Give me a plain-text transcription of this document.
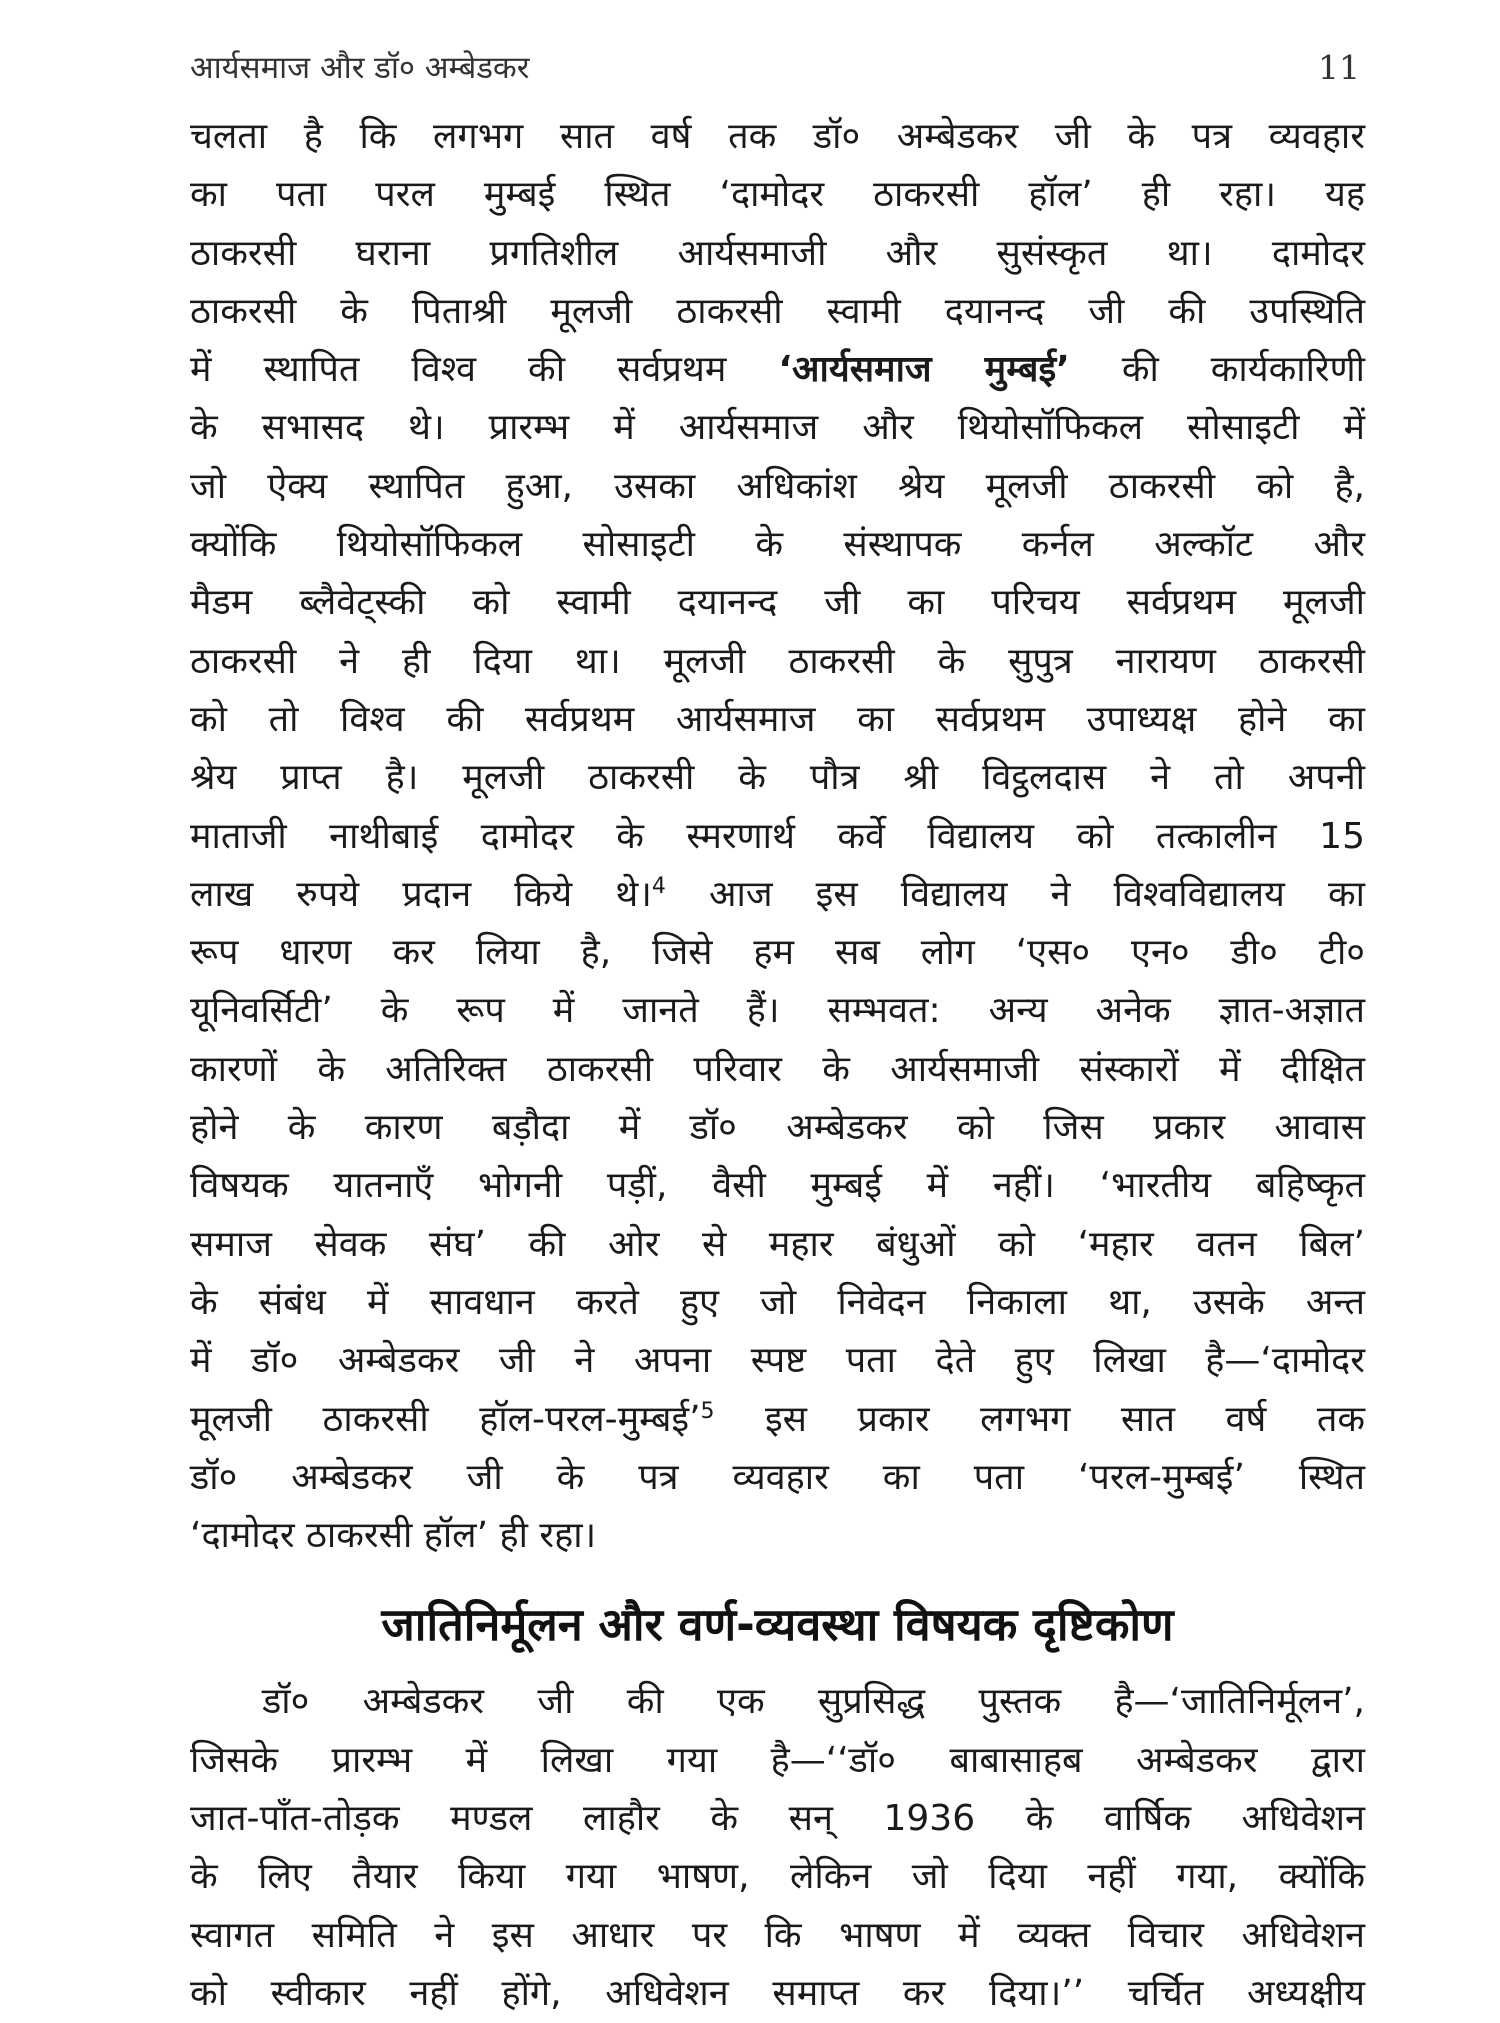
आर्यसमाज और डॉ० अम्बेडकर	11
चलता है कि लगभग सात वर्ष तक डॉ० अम्बेडकर जी के पत्र व्यवहार
का पता परल मुम्बई स्थित ‘दामोदर ठाकरसी हॉल’ ही रहा। यह
ठाकरसी घराना प्रगतिशील आर्यसमाजी और सुसंस्कृत था। दामोदर
ठाकरसी के पिताश्री मूलजी ठाकरसी स्वामी दयानन्द जी की उपस्थिति
में स्थापित विश्व की सर्वप्रथम ‘आर्यसमाज मुम्बई’ की कार्यकारिणी
के सभासद थे। प्रारम्भ में आर्यसमाज और थियोसॉफिकल सोसाइटी में
जो ऐक्य स्थापित हुआ, उसका अधिकांश श्रेय मूलजी ठाकरसी को है,
क्योंकि थियोसॉफिकल सोसाइटी के संस्थापक कर्नल अल्कॉट और
मैडम ब्लैवेट्स्की को स्वामी दयानन्द जी का परिचय सर्वप्रथम मूलजी
ठाकरसी ने ही दिया था। मूलजी ठाकरसी के सुपुत्र नारायण ठाकरसी
को तो विश्व की सर्वप्रथम आर्यसमाज का सर्वप्रथम उपाध्यक्ष होने का
श्रेय प्राप्त है। मूलजी ठाकरसी के पौत्र श्री विट्ठलदास ने तो अपनी
माताजी नाथीबाई दामोदर के स्मरणार्थ कर्वे विद्यालय को तत्कालीन 15
लाख रुपये प्रदान किये थे।$^4$ आज इस विद्यालय ने विश्वविद्यालय का
रूप धारण कर लिया है, जिसे हम सब लोग ‘एस० एन० डी० टी०
यूनिवर्सिटी’ के रूप में जानते हैं। सम्भवत: अन्य अनेक ज्ञात-अज्ञात
कारणों के अतिरिक्त ठाकरसी परिवार के आर्यसमाजी संस्कारों में दीक्षित
होने के कारण बड़ौदा में डॉ० अम्बेडकर को जिस प्रकार आवास
विषयक यातनाएँ भोगनी पड़ीं, वैसी मुम्बई में नहीं। ‘भारतीय बहिष्कृत
समाज सेवक संघ’ की ओर से महार बंधुओं को ‘महार वतन बिल’
के संबंध में सावधान करते हुए जो निवेदन निकाला था, उसके अन्त
में डॉ० अम्बेडकर जी ने अपना स्पष्ट पता देते हुए लिखा है—‘दामोदर
मूलजी ठाकरसी हॉल-परल-मुम्बई’$^5$ इस प्रकार लगभग सात वर्ष तक
डॉ० अम्बेडकर जी के पत्र व्यवहार का पता ‘परल-मुम्बई’ स्थित
‘दामोदर ठाकरसी हॉल’ ही रहा।
जातिनिर्मूलन और वर्ण-व्यवस्था विषयक दृष्टिकोण
डॉ० अम्बेडकर जी की एक सुप्रसिद्ध पुस्तक है—‘जातिनिर्मूलन’,
जिसके प्रारम्भ में लिखा गया है—‘‘डॉ० बाबासाहब अम्बेडकर द्वारा
जात-पाँत-तोड़क मण्डल लाहौर के सन् 1936 के वार्षिक अधिवेशन
के लिए तैयार किया गया भाषण, लेकिन जो दिया नहीं गया, क्योंकि
स्वागत समिति ने इस आधार पर कि भाषण में व्यक्त विचार अधिवेशन
को स्वीकार नहीं होंगे, अधिवेशन समाप्त कर दिया।’’ चर्चित अध्यक्षीय
